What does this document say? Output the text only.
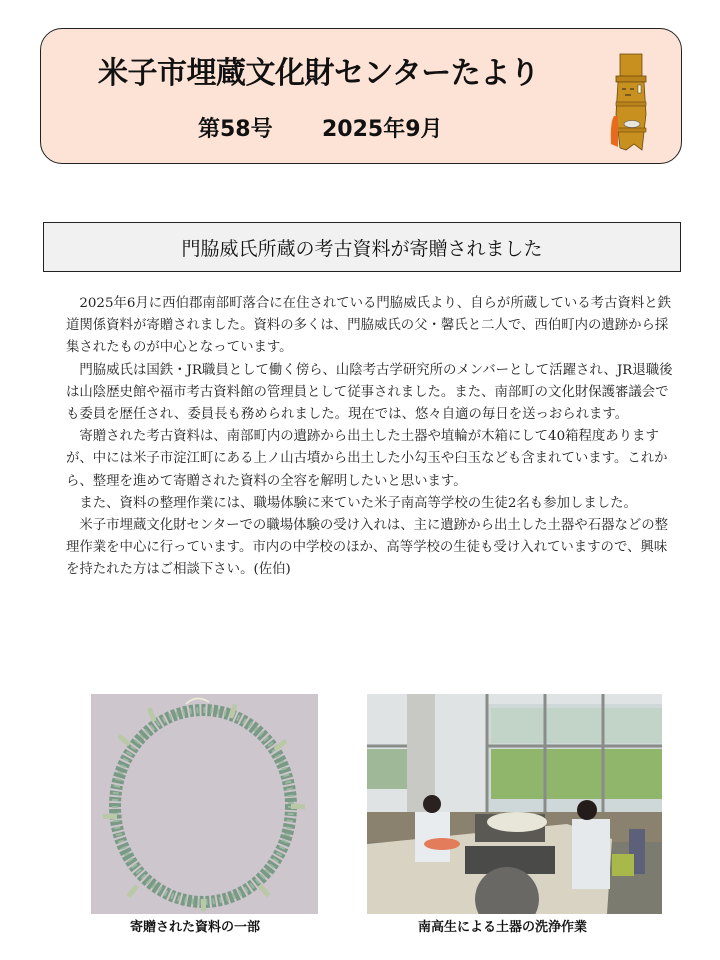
米子市埋蔵文化財センターたより
第58号 2025年9月
門脇威氏所蔵の考古資料が寄贈されました

2025年6月に西伯郡南部町落合に在住されている門脇威氏より、自らが所蔵している考古資料と鉄道関係資料が寄贈されました。資料の多くは、門脇威氏の父・馨氏と二人で、西伯町内の遺跡から採集されたものが中心となっています。

門脇威氏は国鉄・JR職員として働く傍ら、山陰考古学研究所のメンバーとして活躍され、JR退職後は山陰歴史館や福市考古資料館の管理員として従事されました。また、南部町の文化財保護審議会でも委員を歴任され、委員長も務められました。現在では、悠々自適の毎日を送っおられます。

寄贈された考古資料は、南部町内の遺跡から出土した土器や埴輪が木箱にして40箱程度ありますが、中には米子市淀江町にある上ノ山古墳から出土した小勾玉や臼玉なども含まれています。これから、整理を進めて寄贈された資料の全容を解明したいと思います。

また、資料の整理作業には、職場体験に来ていた米子南高等学校の生徒2名も参加しました。

米子市埋蔵文化財センターでの職場体験の受け入れは、主に遺跡から出土した土器や石器などの整理作業を中心に行っています。市内の中学校のほか、高等学校の生徒も受け入れていますので、興味を持たれた方はご相談下さい。(佐伯)

寄贈された資料の一部	南高生による土器の洗浄作業
